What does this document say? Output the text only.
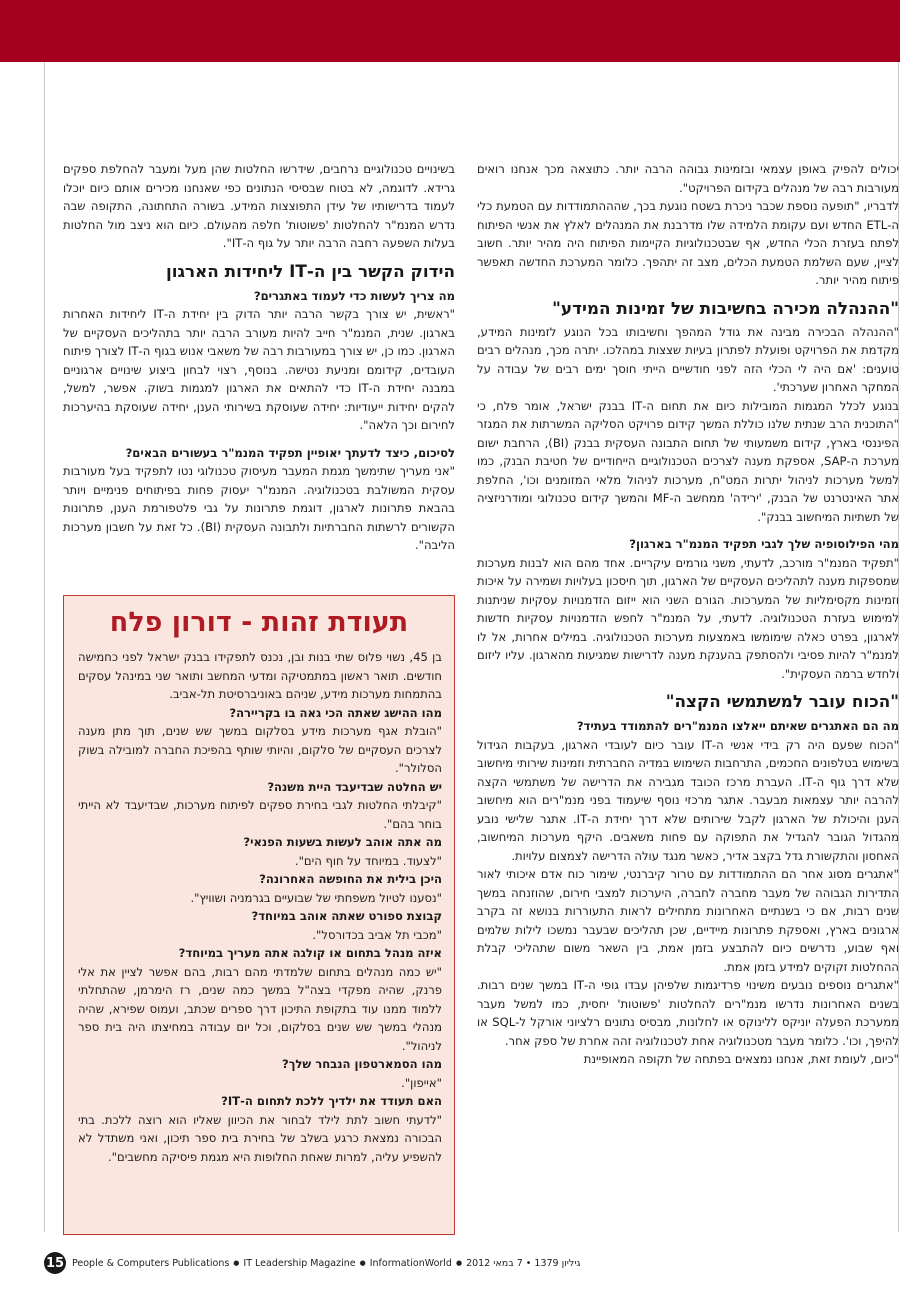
יכולים להפיק באופן עצמאי ובזמינות גבוהה הרבה יותר. כתוצאה מכך אנחנו רואים מעורבות רבה של מנהלים בקידום הפרויקט".

לדבריו, "תופעה נוספת שכבר ניכרת בשטח נוגעת בכך, שהההתמודדות עם הטמעת כלי ה-ETL החדש ועם עקומת הלמידה שלו מדרבנת את המנהלים לאלץ את אנשי הפיתוח לפתח בעזרת הכלי החדש, אף שבטכנולוגיות הקיימות הפיתוח היה מהיר יותר. חשוב לציין, שעם השלמת הטמעת הכלים, מצב זה יתהפך. כלומר המערכת החדשה תאפשר פיתוח מהיר יותר.

"ההנהלה מכירה בחשיבות של זמינות המידע"

"ההנהלה הבכירה מבינה את גודל המהפך וחשיבותו בכל הנוגע לזמינות המידע, מקדמת את הפרויקט ופועלת לפתרון בעיות שצצות במהלכו. יתרה מכך, מנהלים רבים טוענים: 'אם היה לי הכלי הזה לפני חודשיים הייתי חוסך ימים רבים של עבודה על המחקר האחרון שערכתי'.

בנוגע לכלל המגמות המובילות כיום את תחום ה-IT בבנק ישראל, אומר פלח, כי "התוכנית הרב שנתית שלנו כוללת המשך קידום פרויקט הסליקה המשרתות את המגזר הפיננסי בארץ, קידום משמעותי של תחום התבונה העסקית בבנק (BI), הרחבת ישום מערכת ה-SAP, אספקת מענה לצרכים הטכנולוגיים הייחודיים של חטיבת הבנק, כמו למשל מערכות לניהול יתרות המט"ח, מערכות לניהול מלאי המזומנים וכו', החלפת אתר האינטרנט של הבנק, 'ירידה' ממחשב ה-MF והמשך קידום טכנולוגי ומודרניזציה של תשתיות המיחשוב בבנק".

מהי הפילוסופיה שלך לגבי תפקיד המנמ"ר בארגון?

"תפקיד המנמ"ר מורכב, לדעתי, משני גורמים עיקריים. אחד מהם הוא לבנות מערכות שמספקות מענה לתהליכים העסקיים של הארגון, תוך חיסכון בעלויות ושמירה על איכות וזמינות מקסימליות של המערכות. הגורם השני הוא ייזום הזדמנויות עסקיות שניתנות למימוש בעזרת הטכנולוגיה. לדעתי, על המנמ"ר לחפש הזדמנויות עסקיות חדשות לארגון, בפרט כאלה שימומשו באמצעות מערכות הטכנולוגיה. במילים אחרות, אל לו למנמ"ר להיות פסיבי ולהסתפק בהענקת מענה לדרישות שמגיעות מהארגון. עליו ליזום ולחדש ברמה העסקית".

"הכוח עובר למשתמשי הקצה"
מה הם האתגרים שאיתם ייאלצו המנמ"רים להתמודד בעתיד?

"הכוח שפעם היה רק בידי אנשי ה-IT עובר כיום לעובדי הארגון, בעקבות הגידול בשימוש בטלפונים החכמים, התרחבות השימוש במדיה החברתית וזמינות שירותי מיחשוב שלא דרך גוף ה-IT. העברת מרכז הכובד מגבירה את הדרישה של משתמשי הקצה להרבה יותר עצמאות מבעבר. אתגר מרכזי נוסף שיעמוד בפני מנמ"רים הוא מיחשוב הענן והיכולת של הארגון לקבל שירותים שלא דרך יחידת ה-IT. אתגר שלישי נובע מהגדול הגובר להגדיל את התפוקה עם פחות משאבים. היקף מערכות המיחשוב, האחסון והתקשורת גדל בקצב אדיר, כאשר מנגד עולה הדרישה לצמצום עלויות.

"אתגרים מסוג אחר הם ההתמודדות עם טרור קיברנטי, שימור כוח אדם איכותי לאור התדירות הגבוהה של מעבר מחברה לחברה, היערכות למצבי חירום, שהוזנחה במשך שנים רבות, אם כי בשנתיים האחרונות מתחילים לראות התעוררות בנושא זה בקרב ארגונים בארץ, ואספקת פתרונות מיידיים, שכן תהליכים שבעבר נמשכו לילות שלמים ואף שבוע, נדרשים כיום להתבצע בזמן אמת, בין השאר משום שתהליכי קבלת ההחלטות זקוקים למידע בזמן אמת.

"אתגרים נוספים נובעים משינוי פרדיגמות שלפיהן עבדו גופי ה-IT במשך שנים רבות. בשנים האחרונות נדרשו מנמ"רים להחלטות 'פשוטות' יחסית, כמו למשל מעבר ממערכת הפעלה יוניקס ללינוקס או לחלונות, מבסיס נתונים רלציוני אורקל ל-SQL או להיפך, וכו'. כלומר מעבר מטכנולוגיה אחת לטכנולוגיה זהה אחרת של ספק אחר.

"כיום, לעומת זאת, אנחנו נמצאים בפתחה של תקופה המאופיינת

בשינויים טכנולוגיים נרחבים, שידרשו החלטות שהן מעל ומעבר להחלפת ספקים גרידא. לדוגמה, לא בטוח שבסיסי הנתונים כפי שאנחנו מכירים אותם כיום יוכלו לעמוד בדרישותיו של עידן התפוצצות המידע. בשורה התחתונה, התקופה שבה נדרש המנמ"ר להחלטות 'פשוטות' חלפה מהעולם. כיום הוא ניצב מול החלטות בעלות השפעה רחבה הרבה יותר על גוף ה-IT".

הידוק הקשר בין ה-IT ליחידות הארגון
מה צריך לעשות כדי לעמוד באתגרים?

"ראשית, יש צורך בקשר הרבה יותר הדוק בין יחידת ה-IT ליחידות האחרות בארגון. שנית, המנמ"ר חייב להיות מעורב הרבה יותר בתהליכים העסקיים של הארגון. כמו כן, יש צורך במעורבות רבה של משאבי אנוש בגוף ה-IT לצורך פיתוח העובדים, קידומם ומניעת נטישה. בנוסף, רצוי לבחון ביצוע שינויים ארגוניים במבנה יחידת ה-IT כדי להתאים את הארגון למגמות בשוק. אפשר, למשל, להקים יחידות ייעודיות: יחידה שעוסקת בשירותי הענן, יחידה שעוסקת בהיערכות לחירום וכך הלאה".

לסיכום, כיצד לדעתך יאופיין תפקיד המנמ"ר בעשורים הבאים?

"אני מעריך שתימשך מגמת המעבר מעיסוק טכנולוגי נטו לתפקיד בעל מעורבות עסקית המשולבת בטכנולוגיה. המנמ"ר יעסוק פחות בפיתוחים פנימיים ויותר בהבאת פתרונות לארגון, דוגמת פתרונות על גבי פלטפורמת הענן, פתרונות הקשורים לרשתות החברתיות ולתבונה העסקית (BI). כל זאת על חשבון מערכות הליבה".

תעודת זהות - דורון פלח

בן 45, נשוי פלוס שתי בנות ובן, נכנס לתפקידו בבנק ישראל לפני כחמישה חודשים. תואר ראשון במתמטיקה ומדעי המחשב ותואר שני במינהל עסקים בהתמחות מערכות מידע, שניהם באוניברסיטת תל-אביב.

מהו ההישג שאתה הכי גאה בו בקריירה?

"הובלת אגף מערכות מידע בסלקום במשך שש שנים, תוך מתן מענה לצרכים העסקיים של סלקום, והיותי שותף בהפיכת החברה למובילה בשוק הסלולר".

יש החלטה שבדיעבד היית משנה?

"קיבלתי החלטות לגבי בחירת ספקים לפיתוח מערכות, שבדיעבד לא הייתי בוחר בהם".

מה אתה אוהב לעשות בשעות הפנאי?

"לצעוד. במיוחד על חוף הים".

היכן בילית את החופשה האחרונה?

"נסענו לטיול משפחתי של שבועיים בגרמניה ושוויץ".

קבוצת ספורט שאתה אוהב במיוחד?

"מכבי תל אביב בכדורסל".

איזה מנהל בתחום או קולגה אתה מעריך במיוחד?

"יש כמה מנהלים בתחום שלמדתי מהם רבות, בהם אפשר לציין את אלי פרנק, שהיה מפקדי בצה"ל במשך כמה שנים, רז הימרמן, שהתחלתי ללמוד ממנו עוד בתקופת התיכון דרך ספרים שכתב, ועמוס שפירא, שהיה מנהלי במשך שש שנים בסלקום, וכל יום עבודה במחיצתו היה בית ספר לניהול".

מהו הסמארטפון הנבחר שלך?

"אייפון".

האם תעודד את ילדיך ללכת לתחום ה-IT?

"לדעתי חשוב לתת לילד לבחור את הכיוון שאליו הוא רוצה ללכת. בתי הבכורה נמצאת כרגע בשלב של בחירת בית ספר תיכון, ואני משתדל לא להשפיע עליה, למרות שאחת החלופות היא מגמת פיסיקה מחשבים".

15 People & Computers Publications ● IT Leadership Magazine ● InformationWorld ● גיליון 1379 • 7 במאי 2012
